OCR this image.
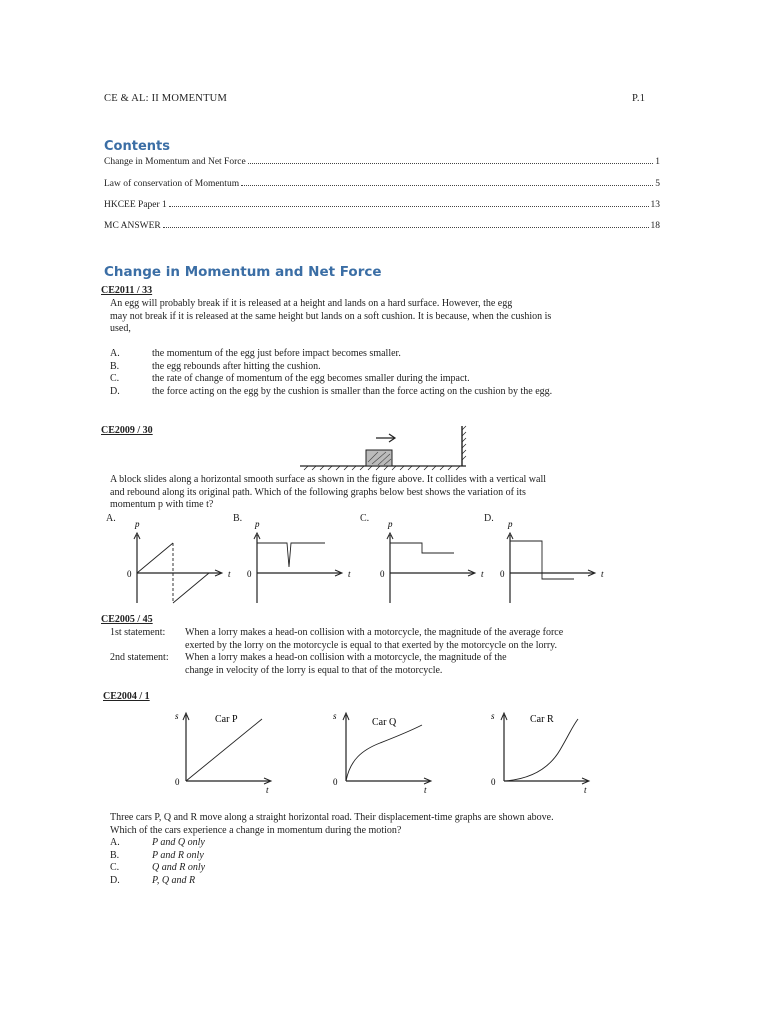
CE & AL: II MOMENTUM	P.1
Contents
Change in Momentum and Net Force	1
Law of conservation of Momentum	5
HKCEE Paper 1	13
MC ANSWER	18
Change in Momentum and Net Force
CE2011 / 33
An egg will probably break if it is released at a height and lands on a hard surface. However, the egg
may not break if it is released at the same height but lands on a soft cushion. It is because, when the cushion is
used,
A.	the momentum of the egg just before impact becomes smaller.
B.	the egg rebounds after hitting the cushion.
C.	the rate of change of momentum of the egg becomes smaller during the impact.
D.	the force acting on the egg by the cushion is smaller than the force acting on the cushion by the egg.
CE2009 / 30
A block slides along a horizontal smooth surface as shown in the figure above. It collides with a vertical wall
and rebound along its original path. Which of the following graphs below best shows the variation of its
momentum p with time t?
A. p
0	t
B. p
0	t
C. p
0	t
D. p
0	t
CE2005 / 45
1st statement:	When a lorry makes a head-on collision with a motorcycle, the magnitude of the average force
exerted by the lorry on the motorcycle is equal to that exerted by the motorcycle on the lorry.
2nd statement:	When a lorry makes a head-on collision with a motorcycle, the magnitude of the
change in velocity of the lorry is equal to that of the motorcycle.
CE2004 / 1
s	Car P
0
t
s
Car Q
0
t
s	Car R
0
t
Three cars P, Q and R move along a straight horizontal road. Their displacement-time graphs are shown above.
Which of the cars experience a change in momentum during the motion?
A.	P and Q only
B.	P and R only
C.	Q and R only
D.	P, Q and R
